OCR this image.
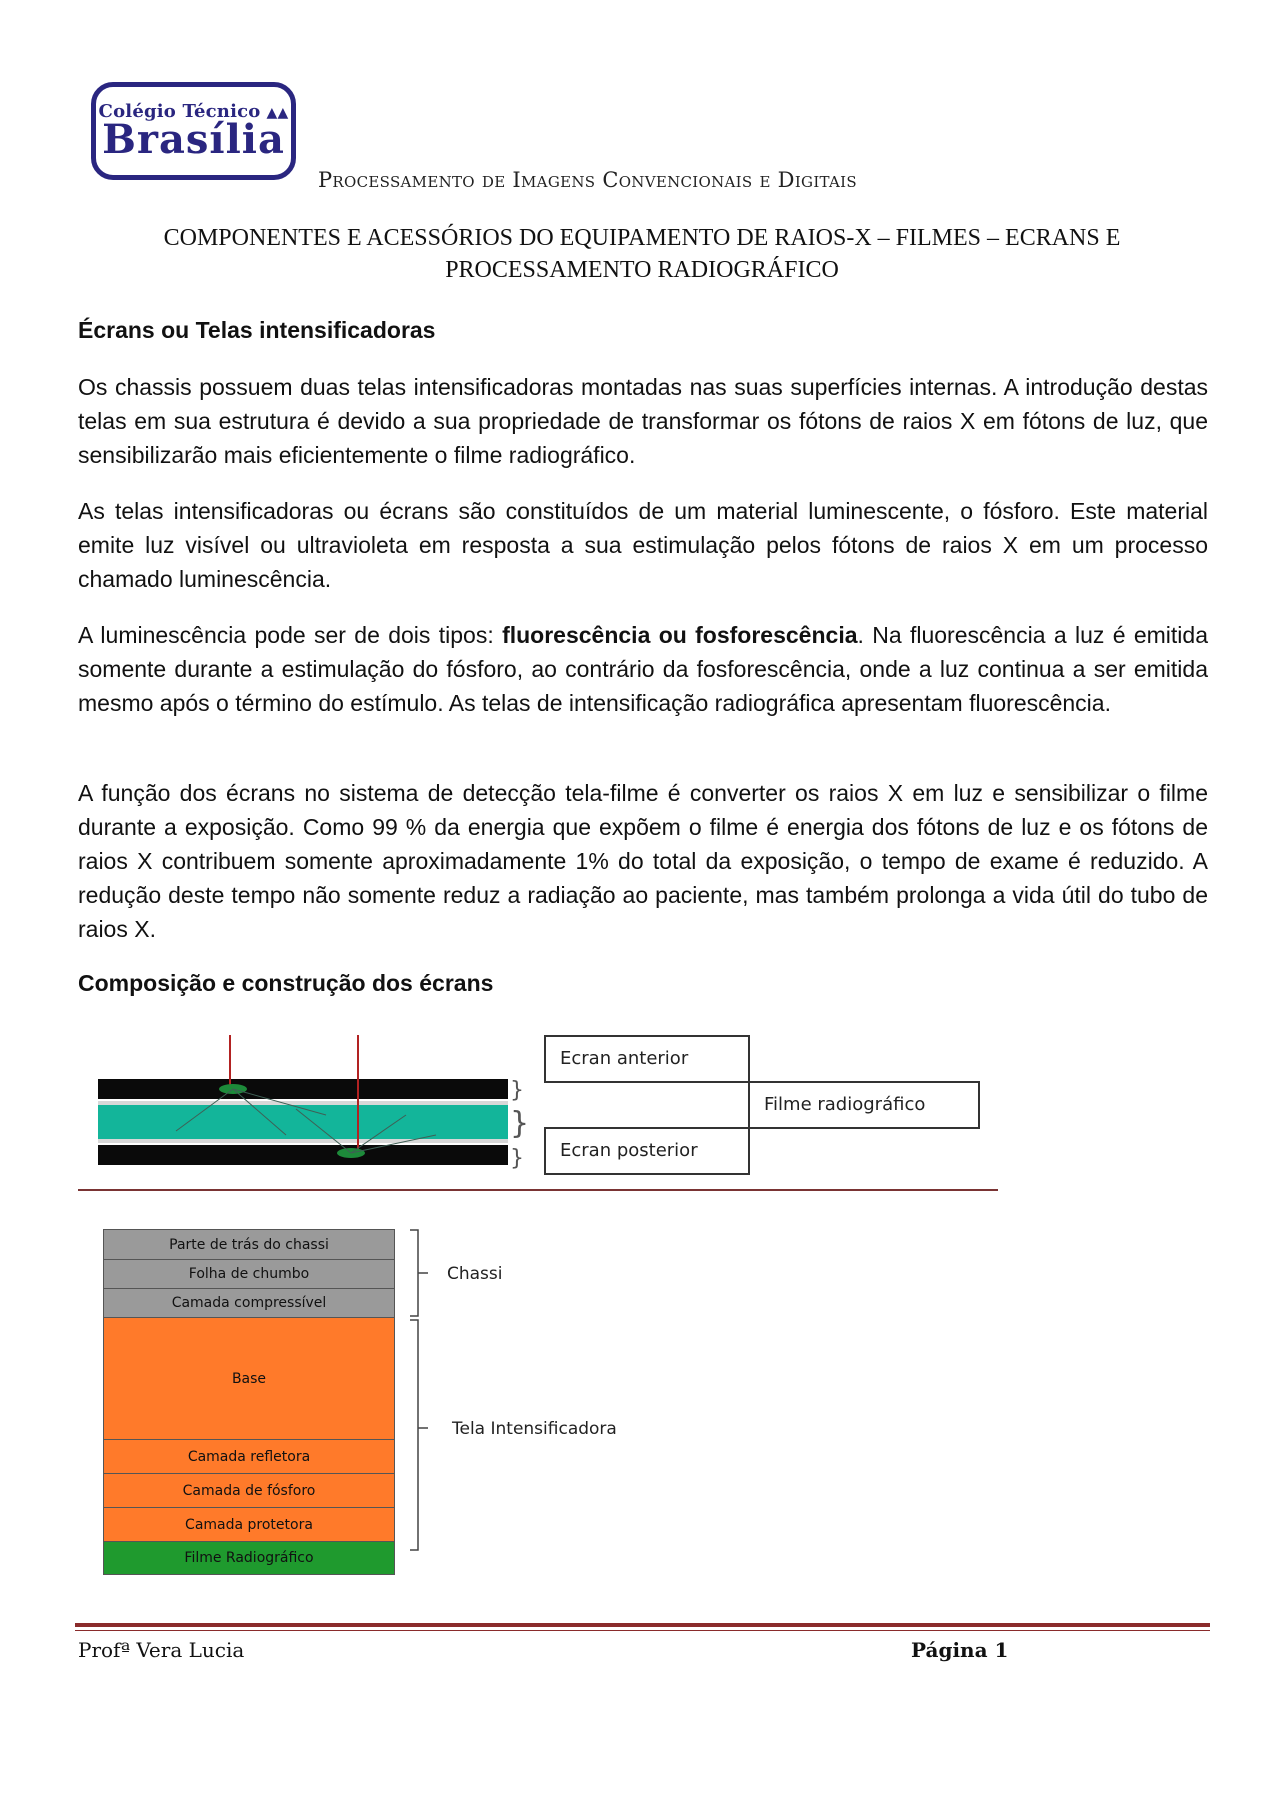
Colégio Técnico ▲▲
Brasília
Processamento de Imagens Convencionais e Digitais
COMPONENTES E ACESSÓRIOS DO EQUIPAMENTO DE RAIOS-X – FILMES – ECRANS E PROCESSAMENTO RADIOGRÁFICO
Écrans ou Telas intensificadoras
Os chassis possuem duas telas intensificadoras montadas nas suas superfícies internas. A introdução destas telas em sua estrutura é devido a sua propriedade de transformar os fótons de raios X em fótons de luz, que sensibilizarão mais eficientemente o filme radiográfico.
As telas intensificadoras ou écrans são constituídos de um material luminescente, o fósforo. Este material emite luz visível ou ultravioleta em resposta a sua estimulação pelos fótons de raios X em um processo chamado luminescência.
A luminescência pode ser de dois tipos: fluorescência ou fosforescência. Na fluorescência a luz é emitida somente durante a estimulação do fósforo, ao contrário da fosforescência, onde a luz continua a ser emitida mesmo após o término do estímulo. As telas de intensificação radiográfica apresentam fluorescência.
A função dos écrans no sistema de detecção tela-filme é converter os raios X em luz e sensibilizar o filme durante a exposição. Como 99 % da energia que expõem o filme é energia dos fótons de luz e os fótons de raios X contribuem somente aproximadamente 1% do total da exposição, o tempo de exame é reduzido. A redução deste tempo não somente reduz a radiação ao paciente, mas também prolonga a vida útil do tubo de raios X.
Composição e construção dos écrans
}
}
}
Ecran anterior
Filme radiográfico
Ecran posterior
Parte de trás do chassi
Folha de chumbo
Camada compressível
Base
Camada refletora
Camada de fósforo
Camada protetora
Filme Radiográfico
Chassi
Tela Intensificadora
Profª Vera Lucia	Página 1
